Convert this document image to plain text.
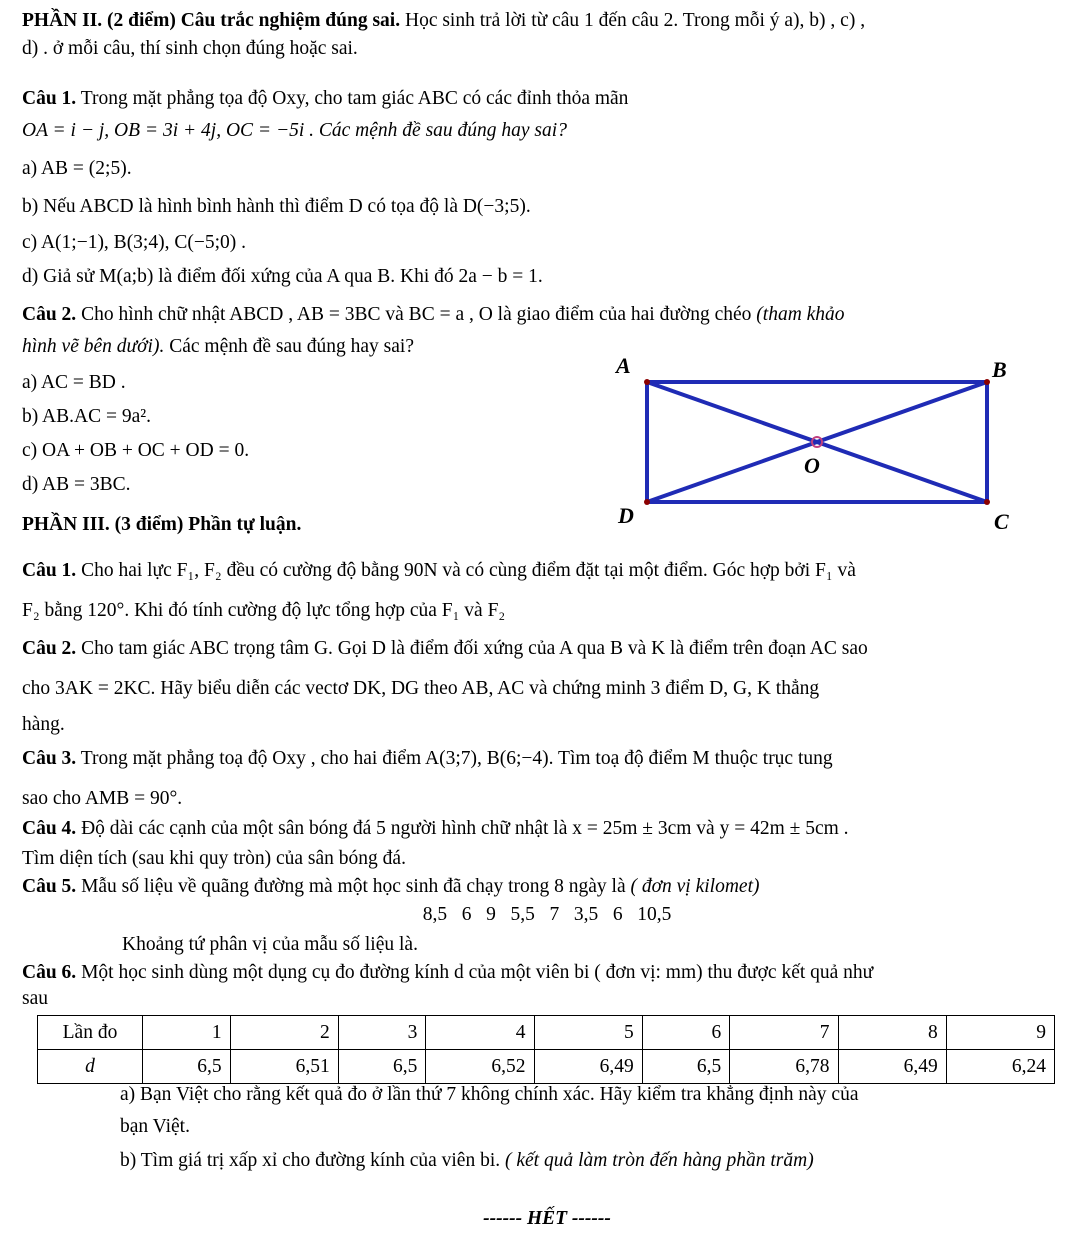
PHẦN II. (2 điểm) Câu trắc nghiệm đúng sai. Học sinh trả lời từ câu 1 đến câu 2. Trong mỗi ý a), b) , c) ,
d) . ở mỗi câu, thí sinh chọn đúng hoặc sai.
Câu 1. Trong mặt phẳng tọa độ Oxy, cho tam giác ABC có các đỉnh thỏa mãn
OA = i − j, OB = 3i + 4j, OC = −5i . Các mệnh đề sau đúng hay sai?
a) AB = (2;5).
b) Nếu ABCD là hình bình hành thì điểm D có tọa độ là D(−3;5).
c) A(1;−1), B(3;4), C(−5;0) .
d) Giả sử M(a;b) là điểm đối xứng của A qua B. Khi đó 2a − b = 1.
Câu 2. Cho hình chữ nhật ABCD , AB = 3BC và BC = a , O là giao điểm của hai đường chéo (tham khảo
hình vẽ bên dưới). Các mệnh đề sau đúng hay sai?
a) AC = BD .
b) AB.AC = 9a².
c) OA + OB + OC + OD = 0.
d) AB = 3BC.
A	B
C
D
O
PHẦN III. (3 điểm) Phần tự luận.
Câu 1. Cho hai lực F₁, F₂ đều có cường độ bằng 90N và có cùng điểm đặt tại một điểm. Góc hợp bởi F₁ và
F₂ bằng 120°. Khi đó tính cường độ lực tổng hợp của F₁ và F₂
Câu 2. Cho tam giác ABC trọng tâm G. Gọi D là điểm đối xứng của A qua B và K là điểm trên đoạn AC sao
cho 3AK = 2KC. Hãy biểu diễn các vectơ DK, DG theo AB, AC và chứng minh 3 điểm D, G, K thẳng
hàng.
Câu 3. Trong mặt phẳng toạ độ Oxy , cho hai điểm A(3;7), B(6;−4). Tìm toạ độ điểm M thuộc trục tung
sao cho AMB = 90°.
Câu 4. Độ dài các cạnh của một sân bóng đá 5 người hình chữ nhật là x = 25m ± 3cm và y = 42m ± 5cm .
Tìm diện tích (sau khi quy tròn) của sân bóng đá.
Câu 5. Mẫu số liệu về quãng đường mà một học sinh đã chạy trong 8 ngày là ( đơn vị kilomet)
8,5   6   9   5,5   7   3,5   6   10,5
Khoảng tứ phân vị của mẫu số liệu là.
Câu 6. Một học sinh dùng một dụng cụ đo đường kính d của một viên bi ( đơn vị: mm) thu được kết quả như
sau
Lần đo	1	2	3	4	5	6	7	8	9
d	6,5	6,51	6,5	6,52	6,49	6,5	6,78	6,49	6,24
a) Bạn Việt cho rằng kết quả đo ở lần thứ 7 không chính xác. Hãy kiểm tra khẳng định này của
bạn Việt.
b) Tìm giá trị xấp xỉ cho đường kính của viên bi. ( kết quả làm tròn đến hàng phần trăm)
------ HẾT ------
